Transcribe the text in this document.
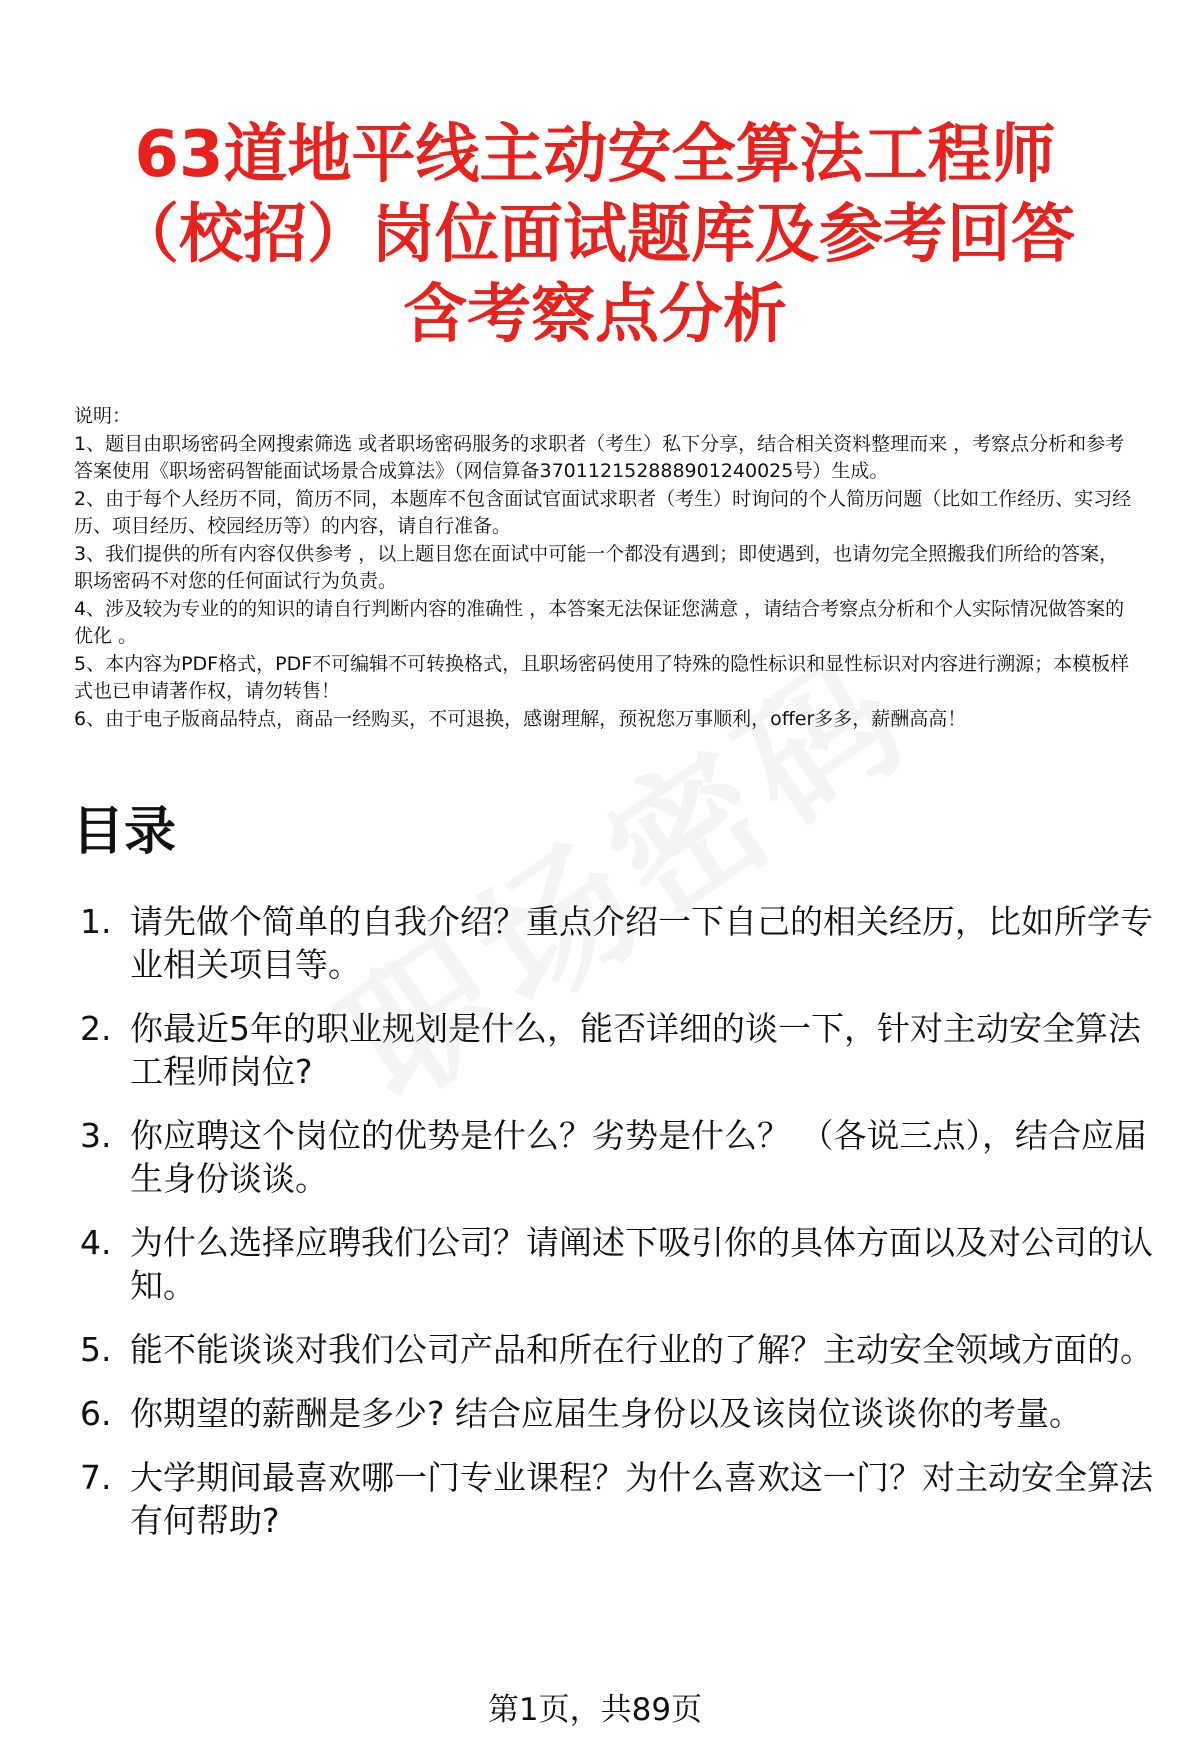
63道地平线主动安全算法工程师（校招）岗位面试题库及参考回答含考察点分析

说明：

1、题目由职场密码全网搜索筛选 或者职场密码服务的求职者（考生）私下分享，结合相关资料整理而来 ，考察点分析和参考答案使用《职场密码智能面试场景合成算法》（网信算备370112152888901240025号）生成。

2、由于每个人经历不同，简历不同，本题库不包含面试官面试求职者（考生）时询问的个人简历问题（比如工作经历、实习经历、项目经历、校园经历等）的内容，请自行准备。

3、我们提供的所有内容仅供参考 ，以上题目您在面试中可能一个都没有遇到；即使遇到，也请勿完全照搬我们所给的答案，职场密码不对您的任何面试行为负责。

4、涉及较为专业的的知识的请自行判断内容的准确性 ，本答案无法保证您满意 ，请结合考察点分析和个人实际情况做答案的优化 。

5、本内容为PDF格式，PDF不可编辑不可转换格式，且职场密码使用了特殊的隐性标识和显性标识对内容进行溯源；本模板样式也已申请著作权，请勿转售！

6、由于电子版商品特点，商品一经购买，不可退换，感谢理解，预祝您万事顺利，offer多多，薪酬高高！

目录
1. 请先做个简单的自我介绍？重点介绍一下自己的相关经历，比如所学专业相关项目等。
2. 你最近5年的职业规划是什么，能否详细的谈一下，针对主动安全算法工程师岗位?
3. 你应聘这个岗位的优势是什么？劣势是什么？ （各说三点），结合应届生身份谈谈。
4. 为什么选择应聘我们公司？请阐述下吸引你的具体方面以及对公司的认知。
5. 能不能谈谈对我们公司产品和所在行业的了解？主动安全领域方面的。
6. 你期望的薪酬是多少? 结合应届生身份以及该岗位谈谈你的考量。
7. 大学期间最喜欢哪一门专业课程？为什么喜欢这一门？对主动安全算法有何帮助?
第1页，共89页
